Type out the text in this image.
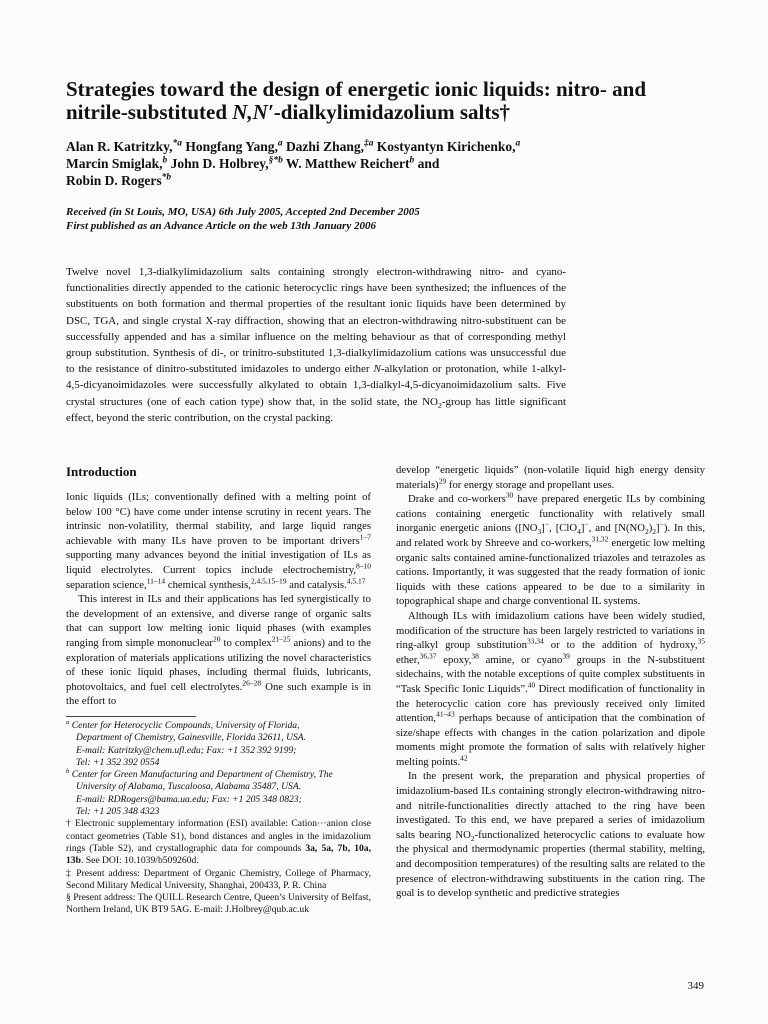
Strategies toward the design of energetic ionic liquids: nitro- and
nitrile-substituted N,N′-dialkylimidazolium salts†
Alan R. Katritzky,$^{*a}$ Hongfang Yang,$^a$ Dazhi Zhang,$^{\ddagger a}$ Kostyantyn Kirichenko,$^a$
Marcin Smiglak,$^b$ John D. Holbrey,$^{\S*b}$ W. Matthew Reichert$^b$ and
Robin D. Rogers$^{*b}$
Received (in St Louis, MO, USA) 6th July 2005, Accepted 2nd December 2005
First published as an Advance Article on the web 13th January 2006
Twelve novel 1,3-dialkylimidazolium salts containing strongly electron-withdrawing nitro- and cyano-functionalities directly appended to the cationic heterocyclic rings have been synthesized; the influences of the substituents on both formation and thermal properties of the resultant ionic liquids have been determined by DSC, TGA, and single crystal X-ray diffraction, showing that an electron-withdrawing nitro-substituent can be successfully appended and has a similar influence on the melting behaviour as that of corresponding methyl group substitution. Synthesis of di-, or trinitro-substituted 1,3-dialkylimidazolium cations was unsuccessful due to the resistance of dinitro-substituted imidazoles to undergo either N-alkylation or protonation, while 1-alkyl-4,5-dicyanoimidazoles were successfully alkylated to obtain 1,3-dialkyl-4,5-dicyanoimidazolium salts. Five crystal structures (one of each cation type) show that, in the solid state, the $NO_2$-group has little significant effect, beyond the steric contribution, on the crystal packing.
Introduction

Ionic liquids (ILs; conventionally defined with a melting point of below 100 °C) have come under intense scrutiny in recent years. The intrinsic non-volatility, thermal stability, and large liquid ranges achievable with many ILs have proven to be important drivers$^{1-7}$ supporting many advances beyond the initial investigation of ILs as liquid electrolytes. Current topics include electrochemistry,$^{8-10}$ separation science,$^{11-14}$ chemical synthesis,$^{2,4,5,15-19}$ and catalysis.$^{4,5,17}$

This interest in ILs and their applications has led synergistically to the development of an extensive, and diverse range of organic salts that can support low melting ionic liquid phases (with examples ranging from simple mononuclear$^{20}$ to complex$^{21-25}$ anions) and to the exploration of materials applications utilizing the novel characteristics of these ionic liquid phases, including thermal fluids, lubricants, photovoltaics, and fuel cell electrolytes.$^{26-28}$ One such example is in the effort to

$^a$ Center for Heterocyclic Compounds, University of Florida,

Department of Chemistry, Gainesville, Florida 32611, USA.

E-mail: Katritzky@chem.ufl.edu; Fax: +1 352 392 9199;

Tel: +1 352 392 0554

$^b$ Center for Green Manufacturing and Department of Chemistry, The

University of Alabama, Tuscaloosa, Alabama 35487, USA.

E-mail: RDRogers@bama.ua.edu; Fax: +1 205 348 0823;

Tel: +1 205 348 4323

† Electronic supplementary information (ESI) available: Cation···anion close contact geometries (Table S1), bond distances and angles in the imidazolium rings (Table S2), and crystallographic data for compounds 3a, 5a, 7b, 10a, 13b. See DOI: 10.1039/b509260d.

‡ Present address: Department of Organic Chemistry, College of Pharmacy, Second Military Medical University, Shanghai, 200433, P. R. China

§ Present address: The QUILL Research Centre, Queen’s University of Belfast, Northern Ireland, UK BT9 5AG. E-mail: J.Holbrey@qub.ac.uk

develop “energetic liquids” (non-volatile liquid high energy density materials)$^{29}$ for energy storage and propellant uses.

Drake and co-workers$^{30}$ have prepared energetic ILs by combining cations containing energetic functionality with relatively small inorganic energetic anions ($[NO_3]^-$, [ClO$_4$]−, and $[N(NO_2)_2]^-$). In this, and related work by Shreeve and co-workers,$^{31,32}$ energetic low melting organic salts contained amine-functionalized triazoles and tetrazoles as cations. Importantly, it was suggested that the ready formation of ionic liquids with these cations appeared to be due to a similarity in topographical shape and charge conventional IL systems.

Although ILs with imidazolium cations have been widely studied, modification of the structure has been largely restricted to variations in ring-alkyl group substitution$^{33,34}$ or to the addition of hydroxy,$^{35}$ ether,$^{36,37}$ epoxy,$^{38}$ amine, or cyano$^{39}$ groups in the N-substituent sidechains, with the notable exceptions of quite complex substituents in “Task Specific Ionic Liquids”.$^{40}$ Direct modification of functionality in the heterocyclic cation core has previously received only limited attention,$^{41-43}$ perhaps because of anticipation that the combination of size/shape effects with changes in the cation polarization and dipole moments might promote the formation of salts with relatively higher melting points.$^{42}$

In the present work, the preparation and physical properties of imidazolium-based ILs containing strongly electron-withdrawing nitro- and nitrile-functionalities directly attached to the ring have been investigated. To this end, we have prepared a series of imidazolium salts bearing $NO_2$-functionalized heterocyclic cations to evaluate how the physical and thermodynamic properties (thermal stability, melting, and decomposition temperatures) of the resulting salts are related to the presence of electron-withdrawing substituents in the cation ring. The goal is to develop synthetic and predictive strategies

349
